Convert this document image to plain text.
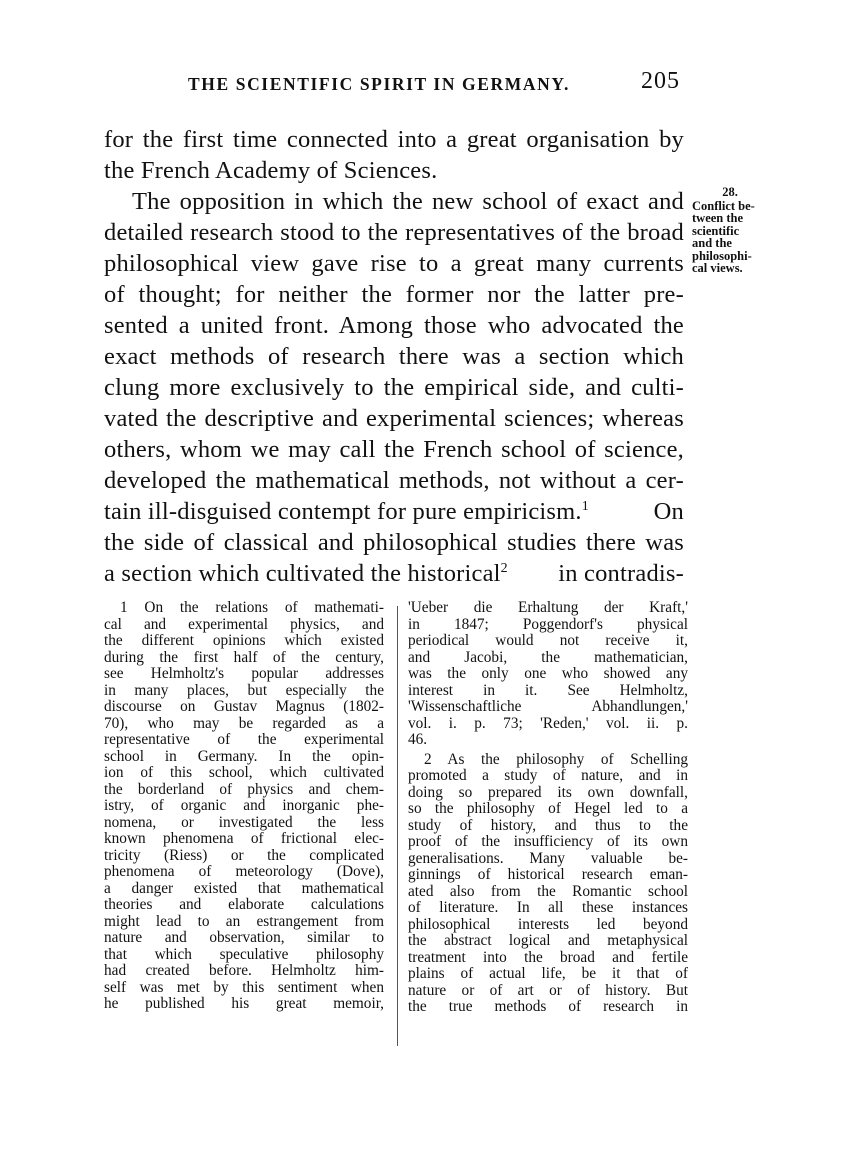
THE SCIENTIFIC SPIRIT IN GERMANY.	205
for the first time connected into a great organisation by
the French Academy of Sciences.
The opposition in which the new school of exact and
detailed research stood to the representatives of the broad
philosophical view gave rise to a great many currents
of thought; for neither the former nor the latter pre-
sented a united front. Among those who advocated the
exact methods of research there was a section which
clung more exclusively to the empirical side, and culti-
vated the descriptive and experimental sciences; whereas
others, whom we may call the French school of science,
developed the mathematical methods, not without a cer-
tain ill-disguised contempt for pure empiricism.$^1$	On
the side of classical and philosophical studies there was
a section which cultivated the historical$^2$ in contradis-
28.
Conflict be-
tween the
scientific
and the
philosophi-
cal views.
1 On the relations of mathemati-
cal and experimental physics, and
the different opinions which existed
during the first half of the century,
see Helmholtz's popular addresses
in many places, but especially the
discourse on Gustav Magnus (1802-
70), who may be regarded as a
representative of the experimental
school in Germany. In the opin-
ion of this school, which cultivated
the borderland of physics and chem-
istry, of organic and inorganic phe-
nomena, or investigated the less
known phenomena of frictional elec-
tricity (Riess) or the complicated
phenomena of meteorology (Dove),
a danger existed that mathematical
theories and elaborate calculations
might lead to an estrangement from
nature and observation, similar to
that which speculative philosophy
had created before. Helmholtz him-
self was met by this sentiment when
he published his great memoir,
'Ueber die Erhaltung der Kraft,'
in 1847; Poggendorf's physical
periodical would not receive it,
and Jacobi, the mathematician,
was the only one who showed any
interest in it. See Helmholtz,
'Wissenschaftliche Abhandlungen,'
vol. i. p. 73; 'Reden,' vol. ii. p.
46.
2 As the philosophy of Schelling
promoted a study of nature, and in
doing so prepared its own downfall,
so the philosophy of Hegel led to a
study of history, and thus to the
proof of the insufficiency of its own
generalisations. Many valuable be-
ginnings of historical research eman-
ated also from the Romantic school
of literature. In all these instances
philosophical interests led beyond
the abstract logical and metaphysical
treatment into the broad and fertile
plains of actual life, be it that of
nature or of art or of history. But
the true methods of research in
